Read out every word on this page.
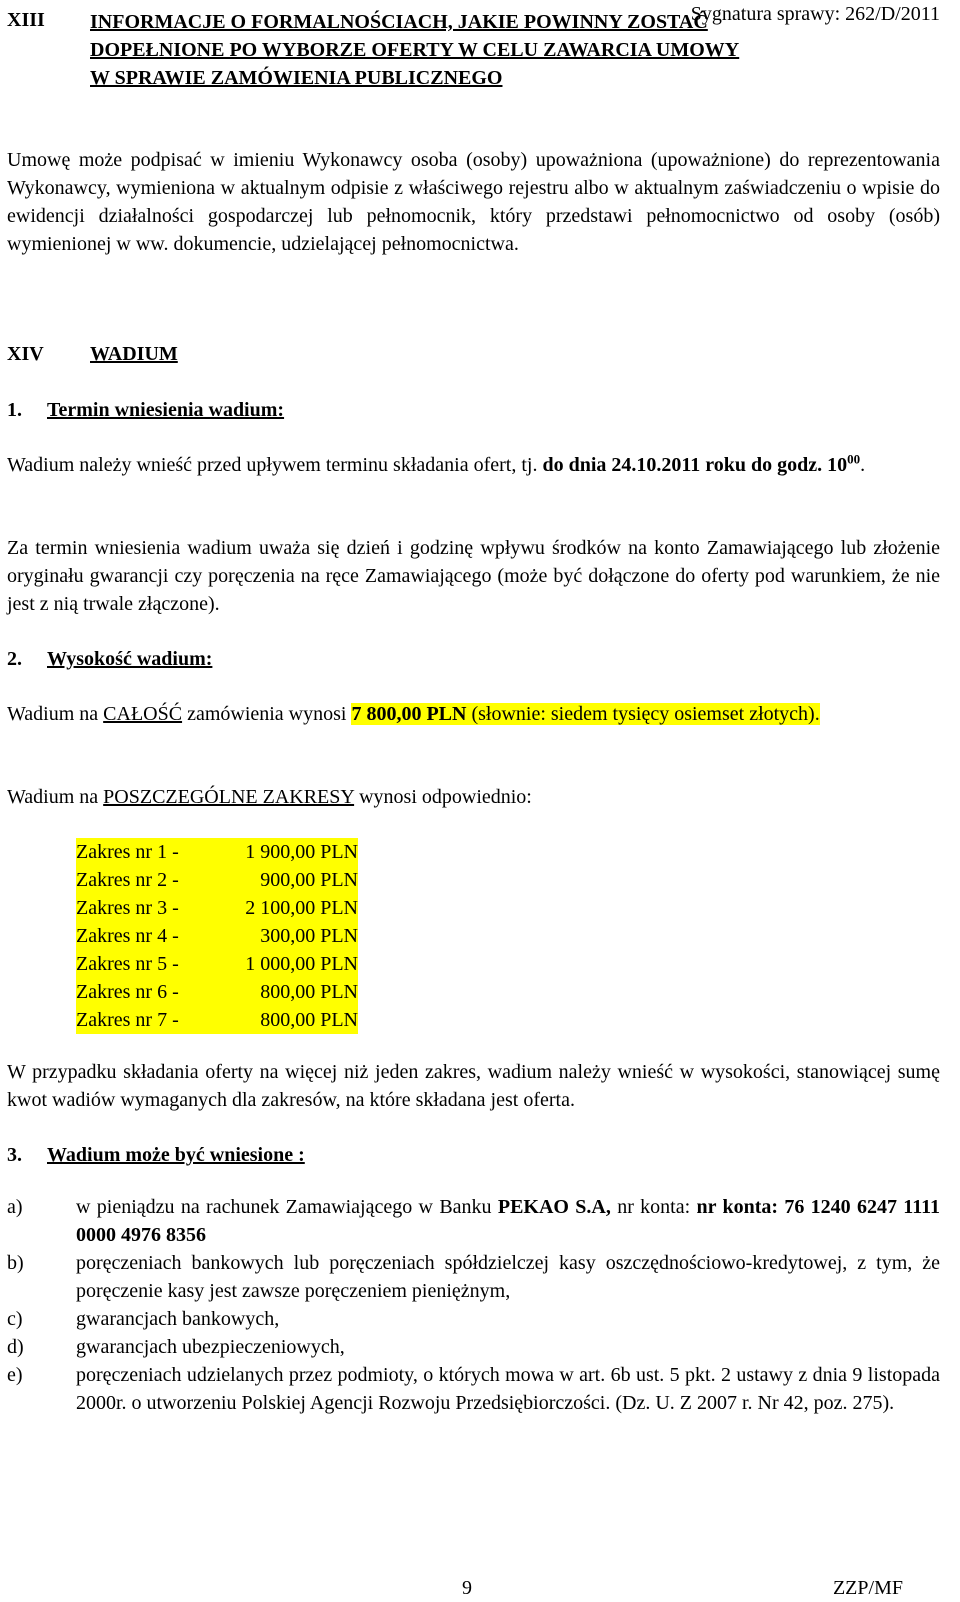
Sygnatura sprawy: 262/D/2011
XIII INFORMACJE O FORMALNOŚCIACH, JAKIE POWINNY ZOSTAĆ
DOPEŁNIONE PO WYBORZE OFERTY W CELU ZAWARCIA UMOWY
W SPRAWIE ZAMÓWIENIA PUBLICZNEGO
Umowę może podpisać w imieniu Wykonawcy osoba (osoby) upoważniona (upoważnione) do reprezentowania Wykonawcy, wymieniona w aktualnym odpisie z właściwego rejestru albo w aktualnym zaświadczeniu o wpisie do ewidencji działalności gospodarczej lub pełnomocnik, który przedstawi pełnomocnictwo od osoby (osób) wymienionej w ww. dokumencie, udzielającej pełnomocnictwa.
XIV WADIUM
1. Termin wniesienia wadium:
Wadium należy wnieść przed upływem terminu składania ofert, tj. do dnia 24.10.2011 roku do godz. $10^{00}$.
Za termin wniesienia wadium uważa się dzień i godzinę wpływu środków na konto Zamawiającego lub złożenie oryginału gwarancji czy poręczenia na ręce Zamawiającego (może być dołączone do oferty pod warunkiem, że nie jest z nią trwale złączone).
2. Wysokość wadium:
Wadium na CAŁOŚĆ zamówienia wynosi 7 800,00 PLN (słownie: siedem tysięcy osiemset złotych).
Wadium na POSZCZEGÓLNE ZAKRESY wynosi odpowiednio:
Zakres nr 1 -	1 900,00 PLN
Zakres nr 2 -	900,00 PLN
Zakres nr 3 -	2 100,00 PLN
Zakres nr 4 -	300,00 PLN
Zakres nr 5 -	1 000,00 PLN
Zakres nr 6 -	800,00 PLN
Zakres nr 7 -	800,00 PLN
W przypadku składania oferty na więcej niż jeden zakres, wadium należy wnieść w wysokości, stanowiącej sumę kwot wadiów wymaganych dla zakresów, na które składana jest oferta.
3. Wadium może być wniesione :
a)	w pieniądzu na rachunek Zamawiającego w Banku PEKAO S.A, nr konta: nr konta: 76 1240 6247 1111 0000 4976 8356
b)	poręczeniach bankowych lub poręczeniach spółdzielczej kasy oszczędnościowo-kredytowej, z tym, że poręczenie kasy jest zawsze poręczeniem pieniężnym,
c)	gwarancjach bankowych,
d)	gwarancjach ubezpieczeniowych,
e)	poręczeniach udzielanych przez podmioty, o których mowa w art. 6b ust. 5 pkt. 2 ustawy z dnia 9 listopada 2000r. o utworzeniu Polskiej Agencji Rozwoju Przedsiębiorczości. (Dz. U. Z 2007 r. Nr 42, poz. 275).
9	ZZP/MF
